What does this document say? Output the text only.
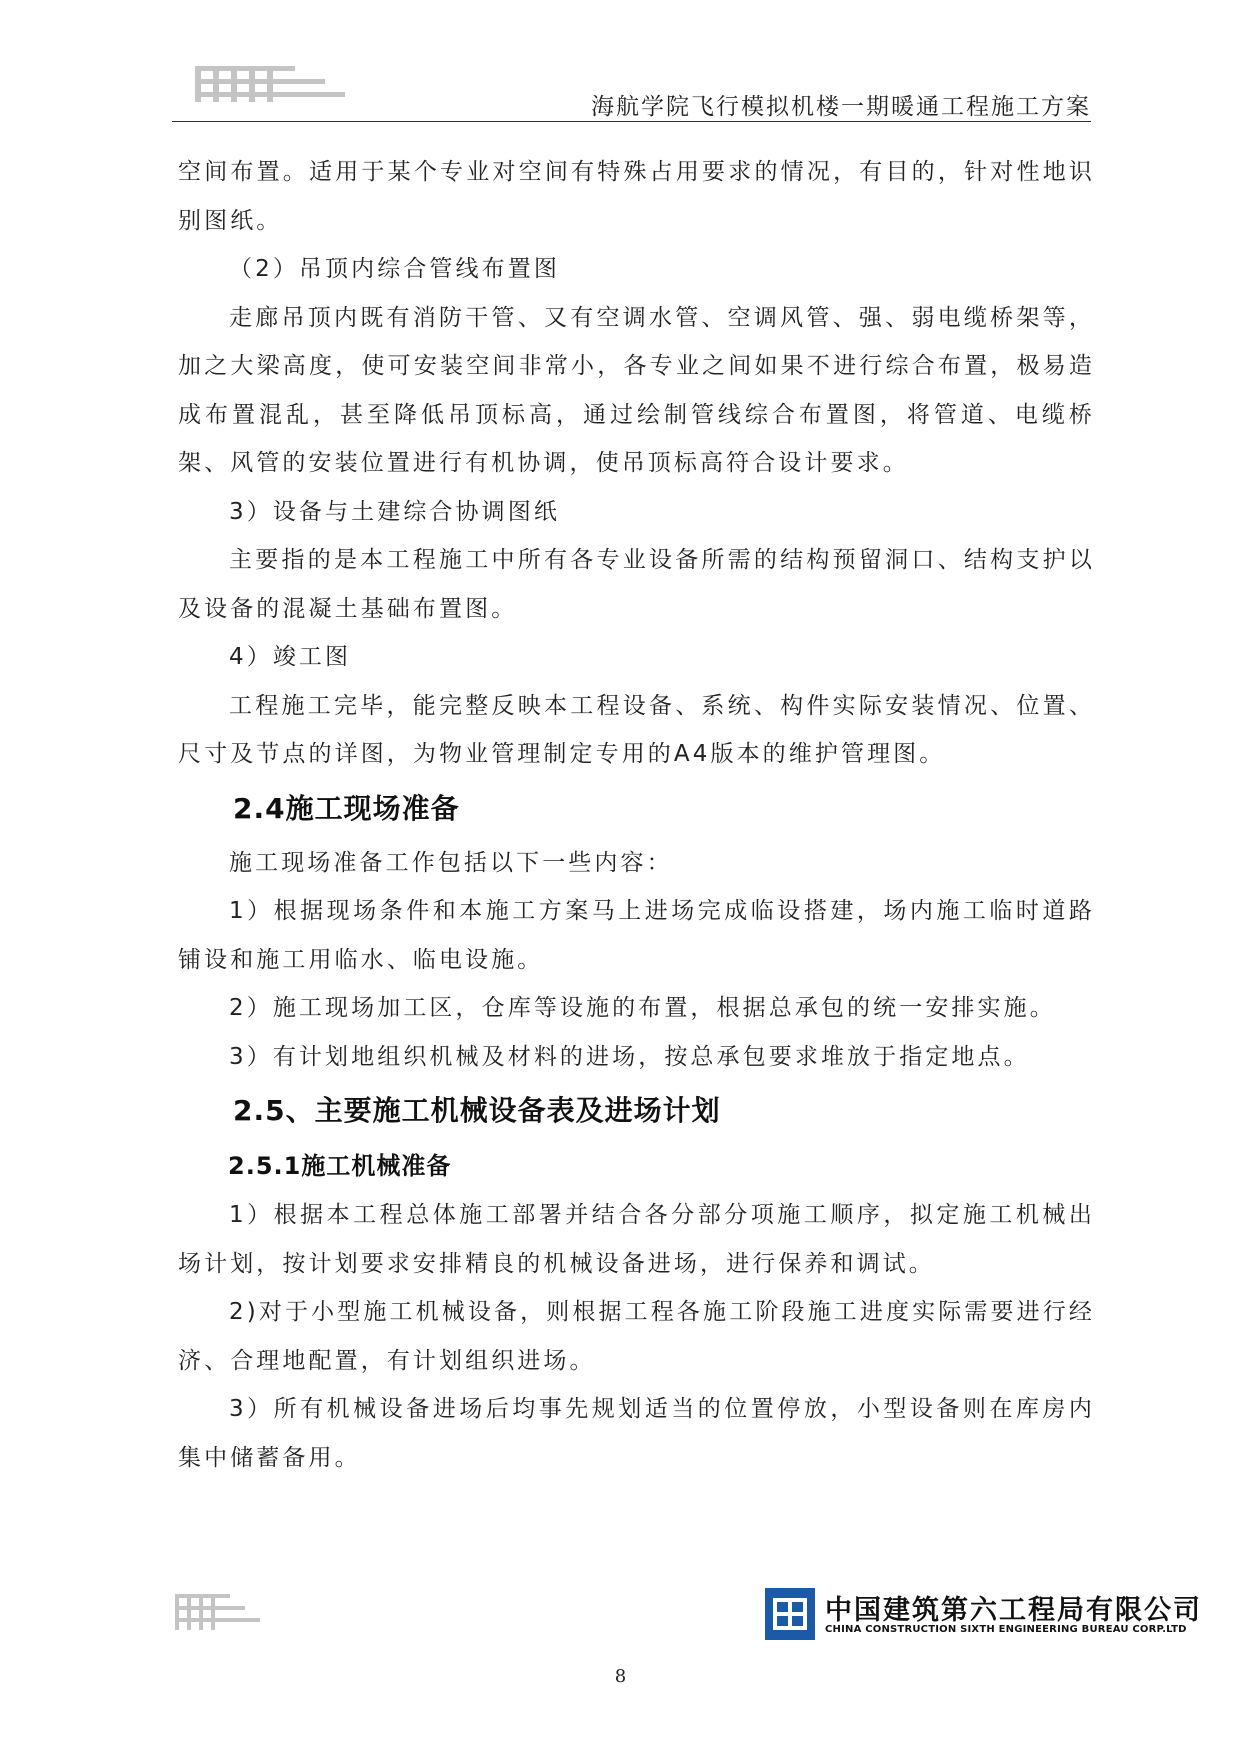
海航学院飞行模拟机楼一期暖通工程施工方案

空间布置。适用于某个专业对空间有特殊占用要求的情况，有目的，针对性地识别图纸。

（2）吊顶内综合管线布置图

走廊吊顶内既有消防干管、又有空调水管、空调风管、强、弱电缆桥架等，加之大梁高度，使可安装空间非常小，各专业之间如果不进行综合布置，极易造成布置混乱，甚至降低吊顶标高，通过绘制管线综合布置图，将管道、电缆桥架、风管的安装位置进行有机协调，使吊顶标高符合设计要求。

3）设备与土建综合协调图纸

主要指的是本工程施工中所有各专业设备所需的结构预留洞口、结构支护以及设备的混凝土基础布置图。

4）竣工图

工程施工完毕，能完整反映本工程设备、系统、构件实际安装情况、位置、尺寸及节点的详图，为物业管理制定专用的A4版本的维护管理图。

2.4施工现场准备

施工现场准备工作包括以下一些内容：

1）根据现场条件和本施工方案马上进场完成临设搭建，场内施工临时道路铺设和施工用临水、临电设施。

2）施工现场加工区，仓库等设施的布置，根据总承包的统一安排实施。

3）有计划地组织机械及材料的进场，按总承包要求堆放于指定地点。

2.5、主要施工机械设备表及进场计划
2.5.1施工机械准备

1）根据本工程总体施工部署并结合各分部分项施工顺序，拟定施工机械出场计划，按计划要求安排精良的机械设备进场，进行保养和调试。

2)对于小型施工机械设备，则根据工程各施工阶段施工进度实际需要进行经济、合理地配置，有计划组织进场。

3）所有机械设备进场后均事先规划适当的位置停放，小型设备则在库房内集中储蓄备用。

中国建筑第六工程局有限公司
CHINA CONSTRUCTION SIXTH ENGINEERING BUREAU CORP.LTD
8
